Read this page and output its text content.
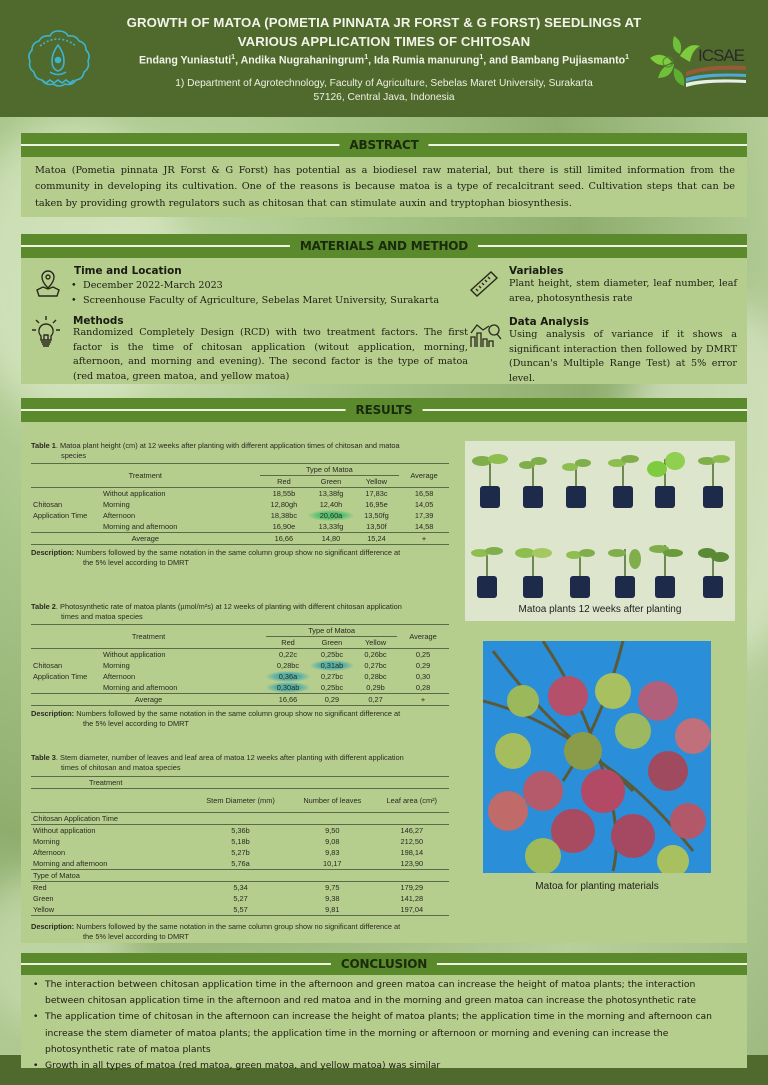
GROWTH OF MATOA (POMETIA PINNATA JR FORST & G FORST) SEEDLINGS AT
VARIOUS APPLICATION TIMES OF CHITOSAN
Endang Yuniastuti$^1$, Andika Nugrahaningrum$^1$, Ida Rumia manurung$^1$, and Bambang Pujiasmanto$^1$
1) Department of Agrotechnology, Faculty of Agriculture, Sebelas Maret University, Surakarta
57126, Central Java, Indonesia
ICSAE
ABSTRACT
Matoa (Pometia pinnata JR Forst & G Forst) has potential as a biodiesel raw material, but there is still limited information from the community in developing its cultivation. One of the reasons is because matoa is a type of recalcitrant seed. Cultivation steps that can be taken by providing growth regulators such as chitosan that can stimulate auxin and tryptophan biosynthesis.
MATERIALS AND METHOD
Time and Location
• December 2022-March 2023
• Screenhouse Faculty of Agriculture, Sebelas Maret University, Surakarta
Methods
Randomized Completely Design (RCD) with two treatment factors. The first factor is the time of chitosan application (witout application, morning, afternoon, and morning and evening). The second factor is the type of matoa (red matoa, green matoa, and yellow matoa)
Variables
Plant height, stem diameter, leaf number, leaf area, photosynthesis rate
Data Analysis
Using analysis of variance if it shows a significant interaction then followed by DMRT (Duncan's Multiple Range Test) at 5% error level.
RESULTS
Table 1. Matoa plant height (cm) at 12 weeks after planting with different application times of chitosan and matoa
species
Treatment		Type of Matoa			Average
		Red	Green	Yellow	
Chitosan
Application Time	Without application	18,55b	13,38fg	17,83c	16,58
	Morning	12,80gh	12,40h	16,95e	14,05
	Afternoon	18,38bc	20,60a	13,50fg	17,39
	Morning and afternoon	16,90e	13,33fg	13,50f	14,58
Average		16,66	14,80	15,24	+
Description: Numbers followed by the same notation in the same column group show no significant difference at
the 5% level according to DMRT
Table 2. Photosynthetic rate of matoa plants (µmol/m²s) at 12 weeks of planting with different chitosan application
times and matoa species
Treatment		Type of Matoa			Average
		Red	Green	Yellow	
Chitosan
Application Time	Without application	0,22c	0,25bc	0,26bc	0,25
	Morning	0,28bc	0,31ab	0,27bc	0,29
	Afternoon	0,36a	0,27bc	0,28bc	0,30
	Morning and afternoon	0,30ab	0,25bc	0,29b	0,28
Average		16,66	0,29	0,27	+
Description: Numbers followed by the same notation in the same column group show no significant difference at
the 5% level according to DMRT
Table 3. Stem diameter, number of leaves and leaf area of matoa 12 weeks after planting with different application
times of chitosan and matoa species
Treatment			
	Stem Diameter (mm)	Number of leaves	Leaf area (cm²)
Chitosan Application Time			
Without application	5,36b	9,50	146,27
Morning	5,18b	9,08	212,50
Afternoon	5,27b	9,83	198,14
Morning and afternoon	5,76a	10,17	123,90
Type of Matoa			
Red	5,34	9,75	179,29
Green	5,27	9,38	141,28
Yellow	5,57	9,81	197,04
Description: Numbers followed by the same notation in the same column group show no significant difference at
the 5% level according to DMRT
Matoa plants 12 weeks after planting
Matoa for planting materials
CONCLUSION
• The interaction between chitosan application time in the afternoon and green matoa can increase the height of matoa plants; the interaction between chitosan application time in the afternoon and red matoa and in the morning and green matoa can increase the photosynthetic rate
• The application time of chitosan in the afternoon can increase the height of matoa plants; the application time in the morning and afternoon can increase the stem diameter of matoa plants; the application time in the morning or afternoon or morning and evening can increase the photosynthetic rate of matoa plants
• Growth in all types of matoa (red matoa, green matoa, and yellow matoa) was similar
